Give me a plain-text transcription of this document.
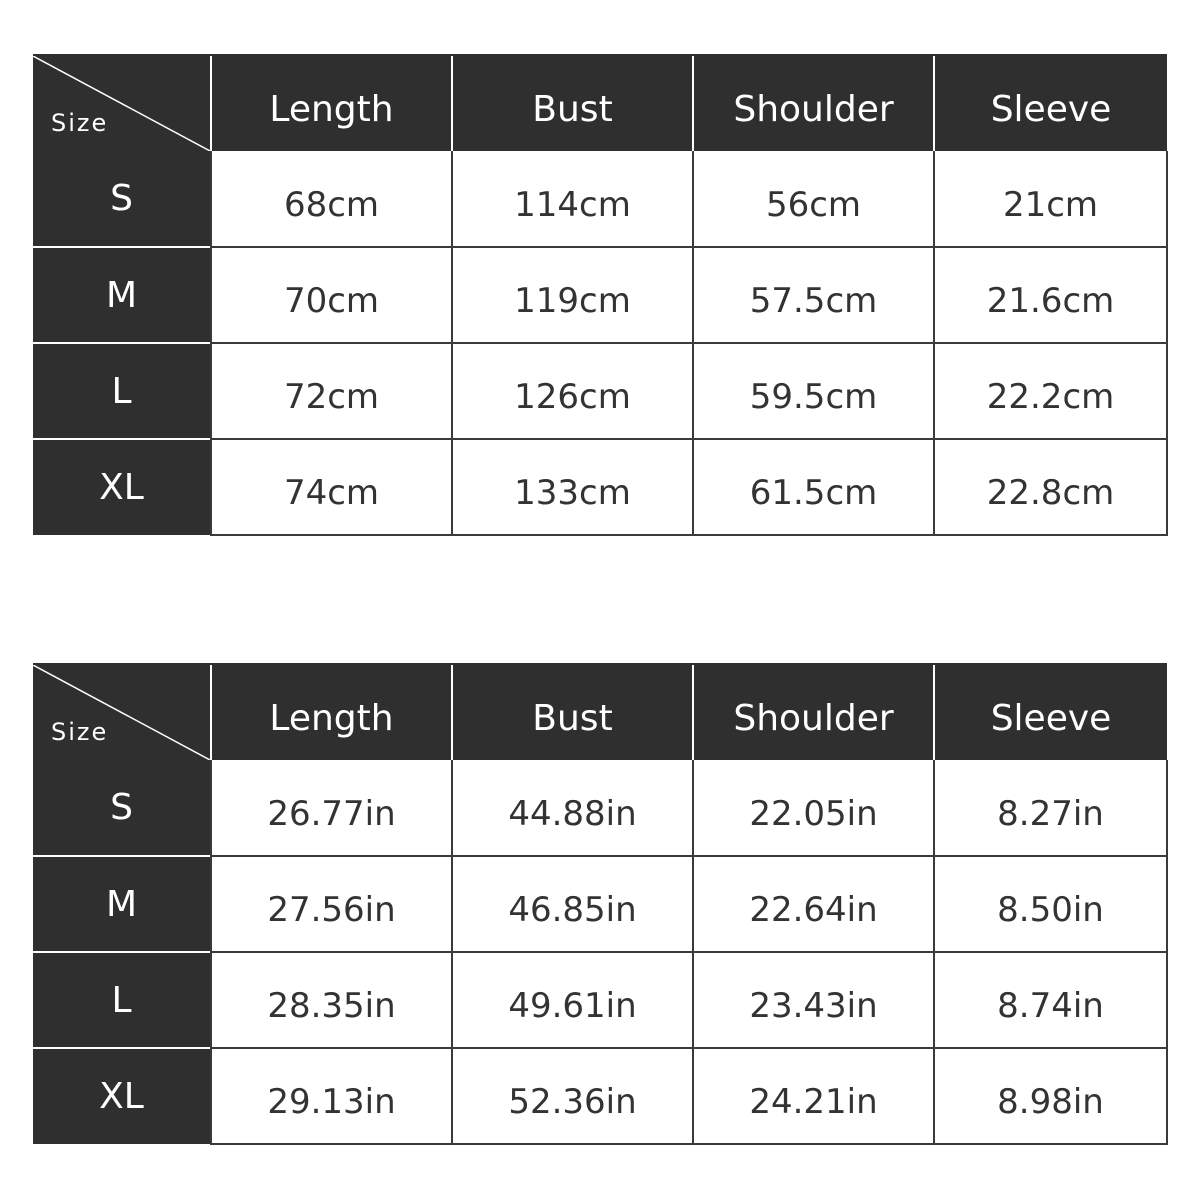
Size	Length	Bust	Shoulder	Sleeve
S	68cm	114cm	56cm	21cm
M	70cm	119cm	57.5cm	21.6cm
L	72cm	126cm	59.5cm	22.2cm
XL	74cm	133cm	61.5cm	22.8cm
Size	Length	Bust	Shoulder	Sleeve
S	26.77in	44.88in	22.05in	8.27in
M	27.56in	46.85in	22.64in	8.50in
L	28.35in	49.61in	23.43in	8.74in
XL	29.13in	52.36in	24.21in	8.98in
